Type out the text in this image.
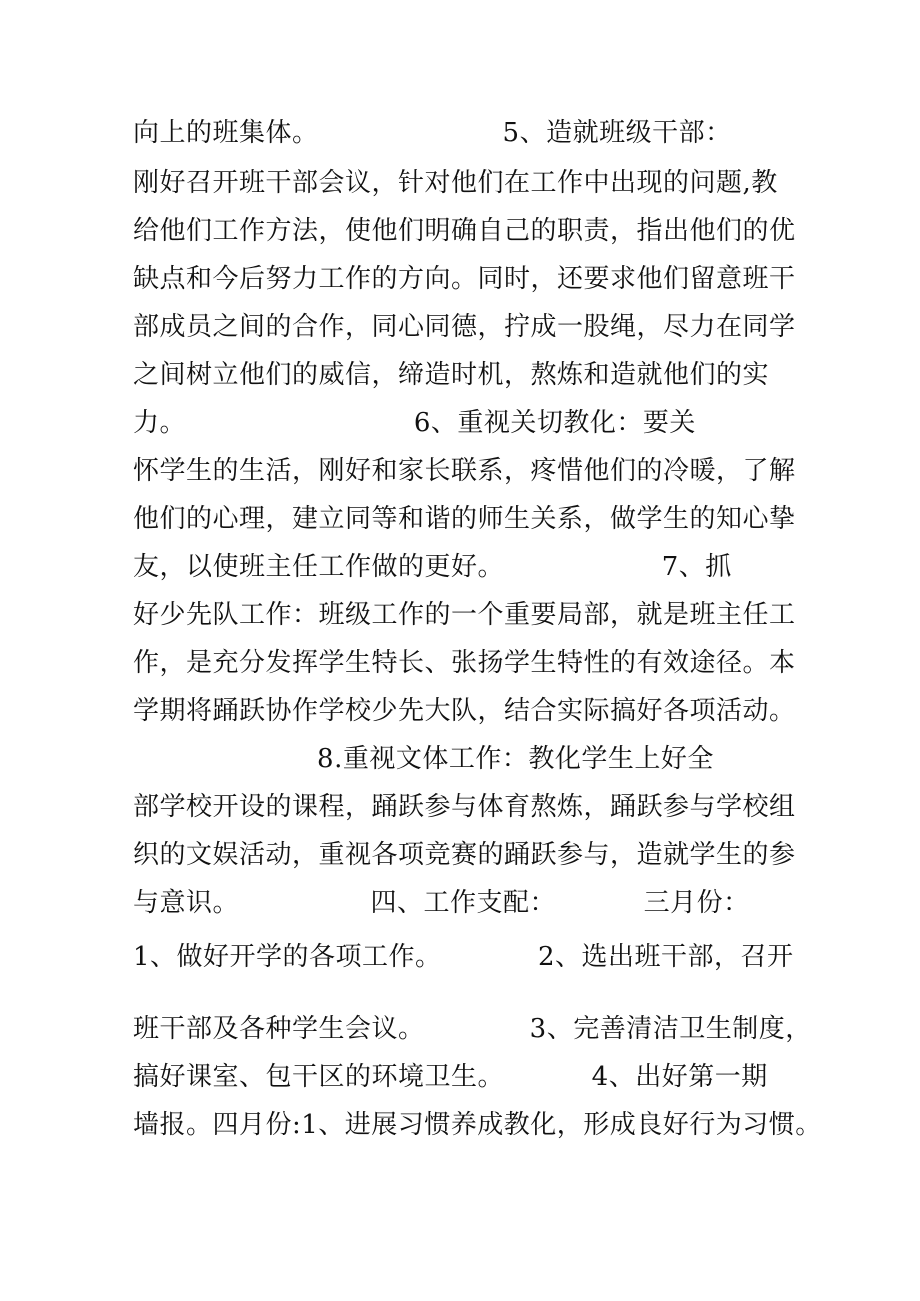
向上的班集体。                     5、造就班级干部：
刚好召开班干部会议，针对他们在工作中出现的问题,教
给他们工作方法，使他们明确自己的职责，指出他们的优
缺点和今后努力工作的方向。同时，还要求他们留意班干
部成员之间的合作，同心同德，拧成一股绳，尽力在同学
之间树立他们的威信，缔造时机，熬炼和造就他们的实
力。                          6、重视关切教化：要关
怀学生的生活，刚好和家长联系，疼惜他们的冷暖，了解
他们的心理，建立同等和谐的师生关系，做学生的知心挚
友，以使班主任工作做的更好。                  7、抓
好少先队工作：班级工作的一个重要局部，就是班主任工
作，是充分发挥学生特长、张扬学生特性的有效途径。本
学期将踊跃协作学校少先大队，结合实际搞好各项活动。
8.重视文体工作：教化学生上好全
部学校开设的课程，踊跃参与体育熬炼，踊跃参与学校组
织的文娱活动，重视各项竞赛的踊跃参与，造就学生的参
与意识。               四、工作支配：          三月份：
1、做好开学的各项工作。           2、选出班干部，召开
班干部及各种学生会议。            3、完善清洁卫生制度，
搞好课室、包干区的环境卫生。          4、出好第一期
墙报。四月份:1、进展习惯养成教化，形成良好行为习惯。
